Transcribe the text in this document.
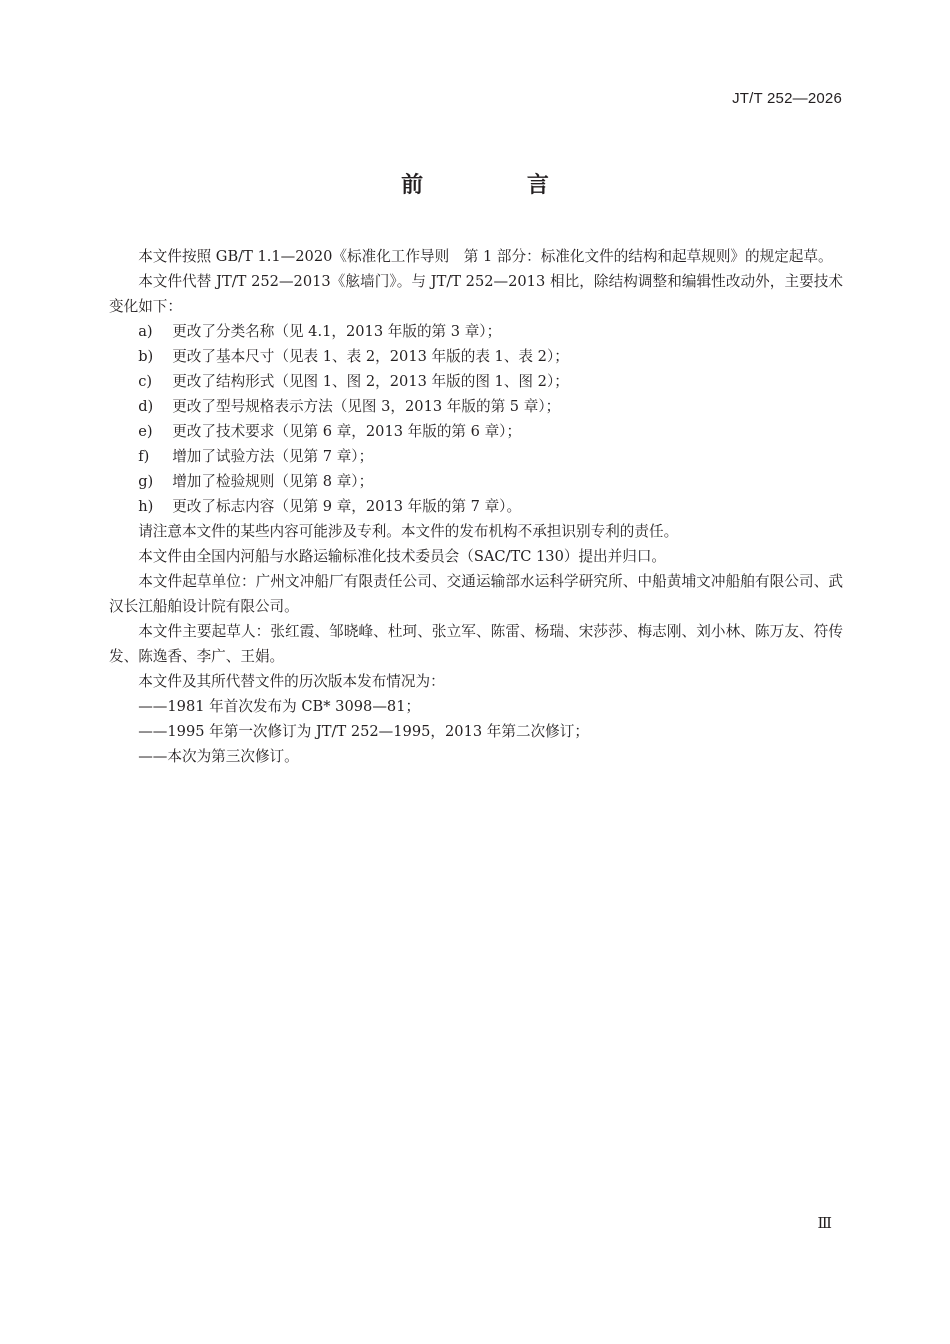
JT/T 252—2026
前 言

本文件按照 GB/T 1.1—2020《标准化工作导则　第 1 部分：标准化文件的结构和起草规则》的规定起草。

本文件代替 JT/T 252—2013《舷墙门》。与 JT/T 252—2013 相比，除结构调整和编辑性改动外，主要技术变化如下：

a) 更改了分类名称（见 4.1，2013 年版的第 3 章）；

b) 更改了基本尺寸（见表 1、表 2，2013 年版的表 1、表 2）；

c) 更改了结构形式（见图 1、图 2，2013 年版的图 1、图 2）；

d) 更改了型号规格表示方法（见图 3，2013 年版的第 5 章）；

e) 更改了技术要求（见第 6 章，2013 年版的第 6 章）；

f) 增加了试验方法（见第 7 章）；

g) 增加了检验规则（见第 8 章）；

h) 更改了标志内容（见第 9 章，2013 年版的第 7 章）。

请注意本文件的某些内容可能涉及专利。本文件的发布机构不承担识别专利的责任。

本文件由全国内河船与水路运输标准化技术委员会（SAC/TC 130）提出并归口。

本文件起草单位：广州文冲船厂有限责任公司、交通运输部水运科学研究所、中船黄埔文冲船舶有限公司、武汉长江船舶设计院有限公司。

本文件主要起草人：张红霞、邹晓峰、杜珂、张立军、陈雷、杨瑞、宋莎莎、梅志刚、刘小林、陈万友、符传发、陈逸香、李广、王娟。

本文件及其所代替文件的历次版本发布情况为：

——1981 年首次发布为 CB* 3098—81；

——1995 年第一次修订为 JT/T 252—1995，2013 年第二次修订；

——本次为第三次修订。

Ⅲ
